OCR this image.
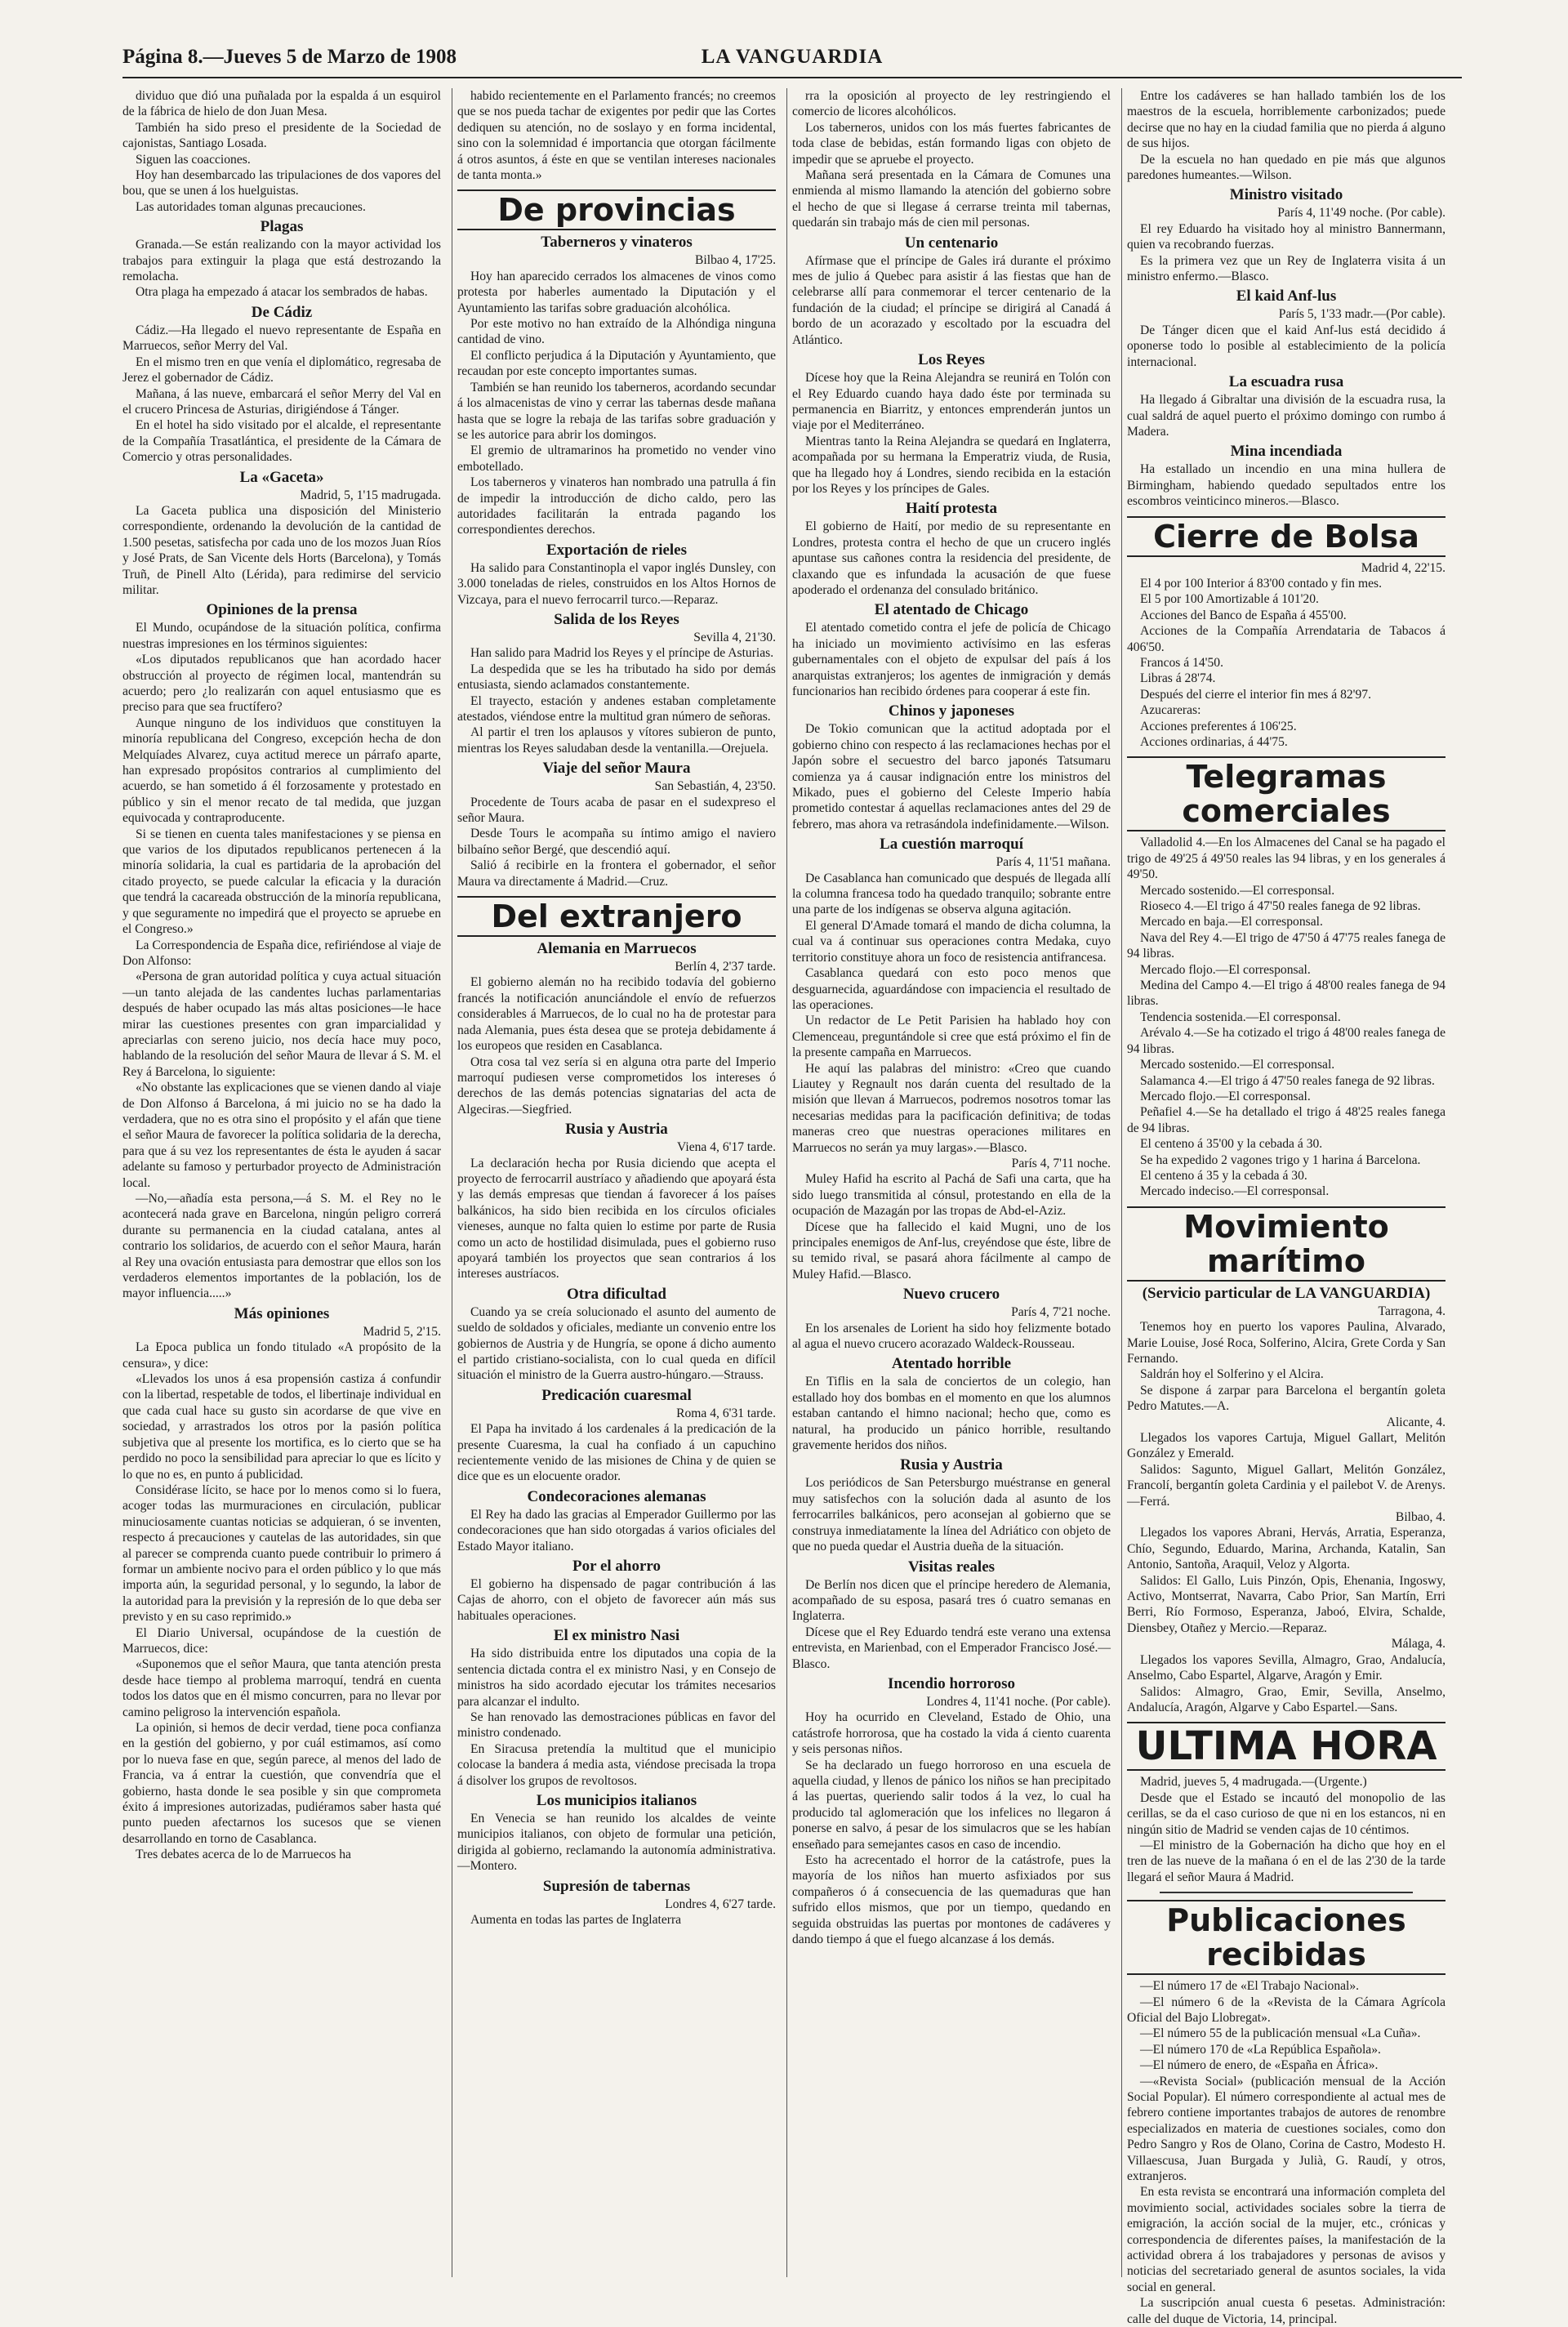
Página 8.—Jueves 5 de Marzo de 1908	LA VANGUARDIA

dividuo que dió una puñalada por la espalda á un esquirol de la fábrica de hielo de don Juan Mesa.

También ha sido preso el presidente de la Sociedad de cajonistas, Santiago Losada.

Siguen las coacciones.

Hoy han desembarcado las tripulaciones de dos vapores del bou, que se unen á los huelguistas.

Las autoridades toman algunas precauciones.

Plagas

Granada.—Se están realizando con la mayor actividad los trabajos para extinguir la plaga que está destrozando la remolacha.

Otra plaga ha empezado á atacar los sembrados de habas.

De Cádiz

Cádiz.—Ha llegado el nuevo representante de España en Marruecos, señor Merry del Val.

En el mismo tren en que venía el diplomático, regresaba de Jerez el gobernador de Cádiz.

Mañana, á las nueve, embarcará el señor Merry del Val en el crucero Princesa de Asturias, dirigiéndose á Tánger.

En el hotel ha sido visitado por el alcalde, el representante de la Compañía Trasatlántica, el presidente de la Cámara de Comercio y otras personalidades.

La «Gaceta»

Madrid, 5, 1'15 madrugada.

La Gaceta publica una disposición del Ministerio correspondiente, ordenando la devolución de la cantidad de 1.500 pesetas, satisfecha por cada uno de los mozos Juan Ríos y José Prats, de San Vicente dels Horts (Barcelona), y Tomás Truñ, de Pinell Alto (Lérida), para redimirse del servicio militar.

Opiniones de la prensa

El Mundo, ocupándose de la situación política, confirma nuestras impresiones en los términos siguientes:

«Los diputados republicanos que han acordado hacer obstrucción al proyecto de régimen local, mantendrán su acuerdo; pero ¿lo realizarán con aquel entusiasmo que es preciso para que sea fructífero?

Aunque ninguno de los individuos que constituyen la minoría republicana del Congreso, excepción hecha de don Melquíades Alvarez, cuya actitud merece un párrafo aparte, han expresado propósitos contrarios al cumplimiento del acuerdo, se han sometido á él forzosamente y protestado en público y sin el menor recato de tal medida, que juzgan equivocada y contraproducente.

Si se tienen en cuenta tales manifestaciones y se piensa en que varios de los diputados republicanos pertenecen á la minoría solidaria, la cual es partidaria de la aprobación del citado proyecto, se puede calcular la eficacia y la duración que tendrá la cacareada obstrucción de la minoría republicana, y que seguramente no impedirá que el proyecto se apruebe en el Congreso.»

La Correspondencia de España dice, refiriéndose al viaje de Don Alfonso:

«Persona de gran autoridad política y cuya actual situación—un tanto alejada de las candentes luchas parlamentarias después de haber ocupado las más altas posiciones—le hace mirar las cuestiones presentes con gran imparcialidad y apreciarlas con sereno juicio, nos decía hace muy poco, hablando de la resolución del señor Maura de llevar á S. M. el Rey á Barcelona, lo siguiente:

«No obstante las explicaciones que se vienen dando al viaje de Don Alfonso á Barcelona, á mi juicio no se ha dado la verdadera, que no es otra sino el propósito y el afán que tiene el señor Maura de favorecer la política solidaria de la derecha, para que á su vez los representantes de ésta le ayuden á sacar adelante su famoso y perturbador proyecto de Administración local.

—No,—añadía esta persona,—á S. M. el Rey no le acontecerá nada grave en Barcelona, ningún peligro correrá durante su permanencia en la ciudad catalana, antes al contrario los solidarios, de acuerdo con el señor Maura, harán al Rey una ovación entusiasta para demostrar que ellos son los verdaderos elementos importantes de la población, los de mayor influencia.....»

Más opiniones

Madrid 5, 2'15.

La Epoca publica un fondo titulado «A propósito de la censura», y dice:

«Llevados los unos á esa propensión castiza á confundir con la libertad, respetable de todos, el libertinaje individual en que cada cual hace su gusto sin acordarse de que vive en sociedad, y arrastrados los otros por la pasión política subjetiva que al presente los mortifica, es lo cierto que se ha perdido no poco la sensibilidad para apreciar lo que es lícito y lo que no es, en punto á publicidad.

Considérase lícito, se hace por lo menos como si lo fuera, acoger todas las murmuraciones en circulación, publicar minuciosamente cuantas noticias se adquieran, ó se inventen, respecto á precauciones y cautelas de las autoridades, sin que al parecer se comprenda cuanto puede contribuir lo primero á formar un ambiente nocivo para el orden público y lo que más importa aún, la seguridad personal, y lo segundo, la labor de la autoridad para la previsión y la represión de lo que deba ser previsto y en su caso reprimido.»

El Diario Universal, ocupándose de la cuestión de Marruecos, dice:

«Suponemos que el señor Maura, que tanta atención presta desde hace tiempo al problema marroquí, tendrá en cuenta todos los datos que en él mismo concurren, para no llevar por camino peligroso la intervención española.

La opinión, si hemos de decir verdad, tiene poca confianza en la gestión del gobierno, y por cuál estimamos, así como por lo nueva fase en que, según parece, al menos del lado de Francia, va á entrar la cuestión, que convendría que el gobierno, hasta donde le sea posible y sin que comprometa éxito á impresiones autorizadas, pudiéramos saber hasta qué punto pueden afectarnos los sucesos que se vienen desarrollando en torno de Casablanca.

Tres debates acerca de lo de Marruecos ha

habido recientemente en el Parlamento francés; no creemos que se nos pueda tachar de exigentes por pedir que las Cortes dediquen su atención, no de soslayo y en forma incidental, sino con la solemnidad é importancia que otorgan fácilmente á otros asuntos, á éste en que se ventilan intereses nacionales de tanta monta.»

De provincias
Taberneros y vinateros

Bilbao 4, 17'25.

Hoy han aparecido cerrados los almacenes de vinos como protesta por haberles aumentado la Diputación y el Ayuntamiento las tarifas sobre graduación alcohólica.

Por este motivo no han extraído de la Alhóndiga ninguna cantidad de vino.

El conflicto perjudica á la Diputación y Ayuntamiento, que recaudan por este concepto importantes sumas.

También se han reunido los taberneros, acordando secundar á los almacenistas de vino y cerrar las tabernas desde mañana hasta que se logre la rebaja de las tarifas sobre graduación y se les autorice para abrir los domingos.

El gremio de ultramarinos ha prometido no vender vino embotellado.

Los taberneros y vinateros han nombrado una patrulla á fin de impedir la introducción de dicho caldo, pero las autoridades facilitarán la entrada pagando los correspondientes derechos.

Exportación de rieles

Ha salido para Constantinopla el vapor inglés Dunsley, con 3.000 toneladas de rieles, construidos en los Altos Hornos de Vizcaya, para el nuevo ferrocarril turco.—Reparaz.

Salida de los Reyes

Sevilla 4, 21'30.

Han salido para Madrid los Reyes y el príncipe de Asturias.

La despedida que se les ha tributado ha sido por demás entusiasta, siendo aclamados constantemente.

El trayecto, estación y andenes estaban completamente atestados, viéndose entre la multitud gran número de señoras.

Al partir el tren los aplausos y vítores subieron de punto, mientras los Reyes saludaban desde la ventanilla.—Orejuela.

Viaje del señor Maura

San Sebastián, 4, 23'50.

Procedente de Tours acaba de pasar en el sudexpreso el señor Maura.

Desde Tours le acompaña su íntimo amigo el naviero bilbaíno señor Bergé, que descendió aquí.

Salió á recibirle en la frontera el gobernador, el señor Maura va directamente á Madrid.—Cruz.

Del extranjero
Alemania en Marruecos

Berlín 4, 2'37 tarde.

El gobierno alemán no ha recibido todavía del gobierno francés la notificación anunciándole el envío de refuerzos considerables á Marruecos, de lo cual no ha de protestar para nada Alemania, pues ésta desea que se proteja debidamente á los europeos que residen en Casablanca.

Otra cosa tal vez sería si en alguna otra parte del Imperio marroquí pudiesen verse comprometidos los intereses ó derechos de las demás potencias signatarias del acta de Algeciras.—Siegfried.

Rusia y Austria

Viena 4, 6'17 tarde.

La declaración hecha por Rusia diciendo que acepta el proyecto de ferrocarril austríaco y añadiendo que apoyará ésta y las demás empresas que tiendan á favorecer á los países balkánicos, ha sido bien recibida en los círculos oficiales vieneses, aunque no falta quien lo estime por parte de Rusia como un acto de hostilidad disimulada, pues el gobierno ruso apoyará también los proyectos que sean contrarios á los intereses austríacos.

Otra dificultad

Cuando ya se creía solucionado el asunto del aumento de sueldo de soldados y oficiales, mediante un convenio entre los gobiernos de Austria y de Hungría, se opone á dicho aumento el partido cristiano-socialista, con lo cual queda en difícil situación el ministro de la Guerra austro-húngaro.—Strauss.

Predicación cuaresmal

Roma 4, 6'31 tarde.

El Papa ha invitado á los cardenales á la predicación de la presente Cuaresma, la cual ha confiado á un capuchino recientemente venido de las misiones de China y de quien se dice que es un elocuente orador.

Condecoraciones alemanas

El Rey ha dado las gracias al Emperador Guillermo por las condecoraciones que han sido otorgadas á varios oficiales del Estado Mayor italiano.

Por el ahorro

El gobierno ha dispensado de pagar contribución á las Cajas de ahorro, con el objeto de favorecer aún más sus habituales operaciones.

El ex ministro Nasi

Ha sido distribuida entre los diputados una copia de la sentencia dictada contra el ex ministro Nasi, y en Consejo de ministros ha sido acordado ejecutar los trámites necesarios para alcanzar el indulto.

Se han renovado las demostraciones públicas en favor del ministro condenado.

En Siracusa pretendía la multitud que el municipio colocase la bandera á media asta, viéndose precisada la tropa á disolver los grupos de revoltosos.

Los municipios italianos

En Venecia se han reunido los alcaldes de veinte municipios italianos, con objeto de formular una petición, dirigida al gobierno, reclamando la autonomía administrativa.—Montero.

Supresión de tabernas

Londres 4, 6'27 tarde.

Aumenta en todas las partes de Inglaterra

rra la oposición al proyecto de ley restringiendo el comercio de licores alcohólicos.

Los taberneros, unidos con los más fuertes fabricantes de toda clase de bebidas, están formando ligas con objeto de impedir que se apruebe el proyecto.

Mañana será presentada en la Cámara de Comunes una enmienda al mismo llamando la atención del gobierno sobre el hecho de que si llegase á cerrarse treinta mil tabernas, quedarán sin trabajo más de cien mil personas.

Un centenario

Afírmase que el príncipe de Gales irá durante el próximo mes de julio á Quebec para asistir á las fiestas que han de celebrarse allí para conmemorar el tercer centenario de la fundación de la ciudad; el príncipe se dirigirá al Canadá á bordo de un acorazado y escoltado por la escuadra del Atlántico.

Los Reyes

Dícese hoy que la Reina Alejandra se reunirá en Tolón con el Rey Eduardo cuando haya dado éste por terminada su permanencia en Biarritz, y entonces emprenderán juntos un viaje por el Mediterráneo.

Mientras tanto la Reina Alejandra se quedará en Inglaterra, acompañada por su hermana la Emperatriz viuda, de Rusia, que ha llegado hoy á Londres, siendo recibida en la estación por los Reyes y los príncipes de Gales.

Haití protesta

El gobierno de Haití, por medio de su representante en Londres, protesta contra el hecho de que un crucero inglés apuntase sus cañones contra la residencia del presidente, de claxando que es infundada la acusación de que fuese apoderado el ordenanza del consulado británico.

El atentado de Chicago

El atentado cometido contra el jefe de policía de Chicago ha iniciado un movimiento activísimo en las esferas gubernamentales con el objeto de expulsar del país á los anarquistas extranjeros; los agentes de inmigración y demás funcionarios han recibido órdenes para cooperar á este fin.

Chinos y japoneses

De Tokio comunican que la actitud adoptada por el gobierno chino con respecto á las reclamaciones hechas por el Japón sobre el secuestro del barco japonés Tatsumaru comienza ya á causar indignación entre los ministros del Mikado, pues el gobierno del Celeste Imperio había prometido contestar á aquellas reclamaciones antes del 29 de febrero, mas ahora va retrasándola indefinidamente.—Wilson.

La cuestión marroquí

París 4, 11'51 mañana.

De Casablanca han comunicado que después de llegada allí la columna francesa todo ha quedado tranquilo; sobrante entre una parte de los indígenas se observa alguna agitación.

El general D'Amade tomará el mando de dicha columna, la cual va á continuar sus operaciones contra Medaka, cuyo territorio constituye ahora un foco de resistencia antifrancesa.

Casablanca quedará con esto poco menos que desguarnecida, aguardándose con impaciencia el resultado de las operaciones.

Un redactor de Le Petit Parisien ha hablado hoy con Clemenceau, preguntándole si cree que está próximo el fin de la presente campaña en Marruecos.

He aquí las palabras del ministro: «Creo que cuando Liautey y Regnault nos darán cuenta del resultado de la misión que llevan á Marruecos, podremos nosotros tomar las necesarias medidas para la pacificación definitiva; de todas maneras creo que nuestras operaciones militares en Marruecos no serán ya muy largas».—Blasco.

París 4, 7'11 noche.

Muley Hafid ha escrito al Pachá de Safi una carta, que ha sido luego transmitida al cónsul, protestando en ella de la ocupación de Mazagán por las tropas de Abd-el-Aziz.

Dícese que ha fallecido el kaid Mugni, uno de los principales enemigos de Anf-lus, creyéndose que éste, libre de su temido rival, se pasará ahora fácilmente al campo de Muley Hafid.—Blasco.

Nuevo crucero

París 4, 7'21 noche.

En los arsenales de Lorient ha sido hoy felizmente botado al agua el nuevo crucero acorazado Waldeck-Rousseau.

Atentado horrible

En Tiflis en la sala de conciertos de un colegio, han estallado hoy dos bombas en el momento en que los alumnos estaban cantando el himno nacional; hecho que, como es natural, ha producido un pánico horrible, resultando gravemente heridos dos niños.

Rusia y Austria

Los periódicos de San Petersburgo muéstranse en general muy satisfechos con la solución dada al asunto de los ferrocarriles balkánicos, pero aconsejan al gobierno que se construya inmediatamente la línea del Adriático con objeto de que no pueda quedar el Austria dueña de la situación.

Visitas reales

De Berlín nos dicen que el príncipe heredero de Alemania, acompañado de su esposa, pasará tres ó cuatro semanas en Inglaterra.

Dícese que el Rey Eduardo tendrá este verano una extensa entrevista, en Marienbad, con el Emperador Francisco José.—Blasco.

Incendio horroroso

Londres 4, 11'41 noche. (Por cable).

Hoy ha ocurrido en Cleveland, Estado de Ohio, una catástrofe horrorosa, que ha costado la vida á ciento cuarenta y seis personas niños.

Se ha declarado un fuego horroroso en una escuela de aquella ciudad, y llenos de pánico los niños se han precipitado á las puertas, queriendo salir todos á la vez, lo cual ha producido tal aglomeración que los infelices no llegaron á ponerse en salvo, á pesar de los simulacros que se les habían enseñado para semejantes casos en caso de incendio.

Esto ha acrecentado el horror de la catástrofe, pues la mayoría de los niños han muerto asfixiados por sus compañeros ó á consecuencia de las quemaduras que han sufrido ellos mismos, que por un tiempo, quedando en seguida obstruidas las puertas por montones de cadáveres y dando tiempo á que el fuego alcanzase á los demás.

Entre los cadáveres se han hallado también los de los maestros de la escuela, horriblemente carbonizados; puede decirse que no hay en la ciudad familia que no pierda á alguno de sus hijos.

De la escuela no han quedado en pie más que algunos paredones humeantes.—Wilson.

Ministro visitado

París 4, 11'49 noche. (Por cable).

El rey Eduardo ha visitado hoy al ministro Bannermann, quien va recobrando fuerzas.

Es la primera vez que un Rey de Inglaterra visita á un ministro enfermo.—Blasco.

El kaid Anf-lus

París 5, 1'33 madr.—(Por cable).

De Tánger dicen que el kaid Anf-lus está decidido á oponerse todo lo posible al establecimiento de la policía internacional.

La escuadra rusa

Ha llegado á Gibraltar una división de la escuadra rusa, la cual saldrá de aquel puerto el próximo domingo con rumbo á Madera.

Mina incendiada

Ha estallado un incendio en una mina hullera de Birmingham, habiendo quedado sepultados entre los escombros veinticinco mineros.—Blasco.

Cierre de Bolsa

Madrid 4, 22'15.

El 4 por 100 Interior á 83'00 contado y fin mes.

El 5 por 100 Amortizable á 101'20.

Acciones del Banco de España á 455'00.

Acciones de la Compañía Arrendataria de Tabacos á 406'50.

Francos á 14'50.

Libras á 28'74.

Después del cierre el interior fin mes á 82'97.

Azucareras:

Acciones preferentes á 106'25.

Acciones ordinarias, á 44'75.

Telegramas comerciales

Valladolid 4.—En los Almacenes del Canal se ha pagado el trigo de 49'25 á 49'50 reales las 94 libras, y en los generales á 49'50.

Mercado sostenido.—El corresponsal.

Rioseco 4.—El trigo á 47'50 reales fanega de 92 libras.

Mercado en baja.—El corresponsal.

Nava del Rey 4.—El trigo de 47'50 á 47'75 reales fanega de 94 libras.

Mercado flojo.—El corresponsal.

Medina del Campo 4.—El trigo á 48'00 reales fanega de 94 libras.

Tendencia sostenida.—El corresponsal.

Arévalo 4.—Se ha cotizado el trigo á 48'00 reales fanega de 94 libras.

Mercado sostenido.—El corresponsal.

Salamanca 4.—El trigo á 47'50 reales fanega de 92 libras.

Mercado flojo.—El corresponsal.

Peñafiel 4.—Se ha detallado el trigo á 48'25 reales fanega de 94 libras.

El centeno á 35'00 y la cebada á 30.

Se ha expedido 2 vagones trigo y 1 harina á Barcelona.

El centeno á 35 y la cebada á 30.

Mercado indeciso.—El corresponsal.

Movimiento marítimo
(Servicio particular de LA VANGUARDIA)

Tarragona, 4.

Tenemos hoy en puerto los vapores Paulina, Alvarado, Marie Louise, José Roca, Solferino, Alcira, Grete Corda y San Fernando.

Saldrán hoy el Solferino y el Alcira.

Se dispone á zarpar para Barcelona el bergantín goleta Pedro Matutes.—A.

Alicante, 4.

Llegados los vapores Cartuja, Miguel Gallart, Melitón González y Emerald.

Salidos: Sagunto, Miguel Gallart, Melitón González, Francolí, bergantín goleta Cardinia y el pailebot V. de Arenys.—Ferrá.

Bilbao, 4.

Llegados los vapores Abrani, Hervás, Arratia, Esperanza, Chío, Segundo, Eduardo, Marina, Archanda, Katalin, San Antonio, Santoña, Araquil, Veloz y Algorta.

Salidos: El Gallo, Luis Pinzón, Opis, Ehenania, Ingoswy, Activo, Montserrat, Navarra, Cabo Prior, San Martín, Erri Berri, Río Formoso, Esperanza, Jaboó, Elvira, Schalde, Diensbey, Otañez y Mercio.—Reparaz.

Málaga, 4.

Llegados los vapores Sevilla, Almagro, Grao, Andalucía, Anselmo, Cabo Espartel, Algarve, Aragón y Emir.

Salidos: Almagro, Grao, Emir, Sevilla, Anselmo, Andalucía, Aragón, Algarve y Cabo Espartel.—Sans.

ULTIMA HORA

Madrid, jueves 5, 4 madrugada.—(Urgente.)

Desde que el Estado se incautó del monopolio de las cerillas, se da el caso curioso de que ni en los estancos, ni en ningún sitio de Madrid se venden cajas de 10 céntimos.

—El ministro de la Gobernación ha dicho que hoy en el tren de las nueve de la mañana ó en el de las 2'30 de la tarde llegará el señor Maura á Madrid.

Publicaciones recibidas

—El número 17 de «El Trabajo Nacional».

—El número 6 de la «Revista de la Cámara Agrícola Oficial del Bajo Llobregat».

—El número 55 de la publicación mensual «La Cuña».

—El número 170 de «La República Española».

—El número de enero, de «España en África».

—«Revista Social» (publicación mensual de la Acción Social Popular). El número correspondiente al actual mes de febrero contiene importantes trabajos de autores de renombre especializados en materia de cuestiones sociales, como don Pedro Sangro y Ros de Olano, Corina de Castro, Modesto H. Villaescusa, Juan Burgada y Julià, G. Raudí, y otros, extranjeros.

En esta revista se encontrará una información completa del movimiento social, actividades sociales sobre la tierra de emigración, la acción social de la mujer, etc., crónicas y correspondencia de diferentes países, la manifestación de la actividad obrera á los trabajadores y personas de avisos y noticias del secretariado general de asuntos sociales, la vida social en general.

La suscripción anual cuesta 6 pesetas. Administración: calle del duque de Victoria, 14, principal.
